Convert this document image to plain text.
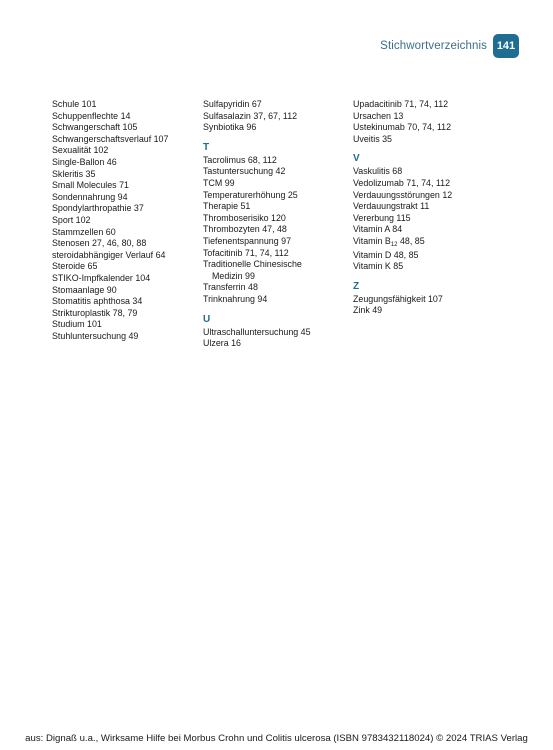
Stichwortverzeichnis 141
Schule 101
Schuppenflechte 14
Schwangerschaft 105
Schwangerschaftsverlauf 107
Sexualität 102
Single-Ballon 46
Skleritis 35
Small Molecules 71
Sondennahrung 94
Spondylarthropathie 37
Sport 102
Stammzellen 60
Stenosen 27, 46, 80, 88
steroidabhängiger Verlauf 64
Steroide 65
STIKO-Impfkalender 104
Stomaanlage 90
Stomatitis aphthosa 34
Strikturoplastik 78, 79
Studium 101
Stuhluntersuchung 49
Sulfapyridin 67
Sulfasalazin 37, 67, 112
Synbiotika 96
T
Tacrolimus 68, 112
Tastuntersuchung 42
TCM 99
Temperaturerhöhung 25
Therapie 51
Thromboserisiko 120
Thrombozyten 47, 48
Tiefenentspannung 97
Tofacitinib 71, 74, 112
Traditionelle Chinesische
Medizin 99
Transferrin 48
Trinknahrung 94
U
Ultraschalluntersuchung 45
Ulzera 16
Upadacitinib 71, 74, 112
Ursachen 13
Ustekinumab 70, 74, 112
Uveitis 35
V
Vaskulitis 68
Vedolizumab 71, 74, 112
Verdauungsstörungen 12
Verdauungstrakt 11
Vererbung 115
Vitamin A 84
Vitamin $B_{12}$ 48, 85
Vitamin D 48, 85
Vitamin K 85
Z
Zeugungsfähigkeit 107
Zink 49
aus: Dignaß u.a., Wirksame Hilfe bei Morbus Crohn und Colitis ulcerosa (ISBN 9783432118024) © 2024 TRIAS Verlag
